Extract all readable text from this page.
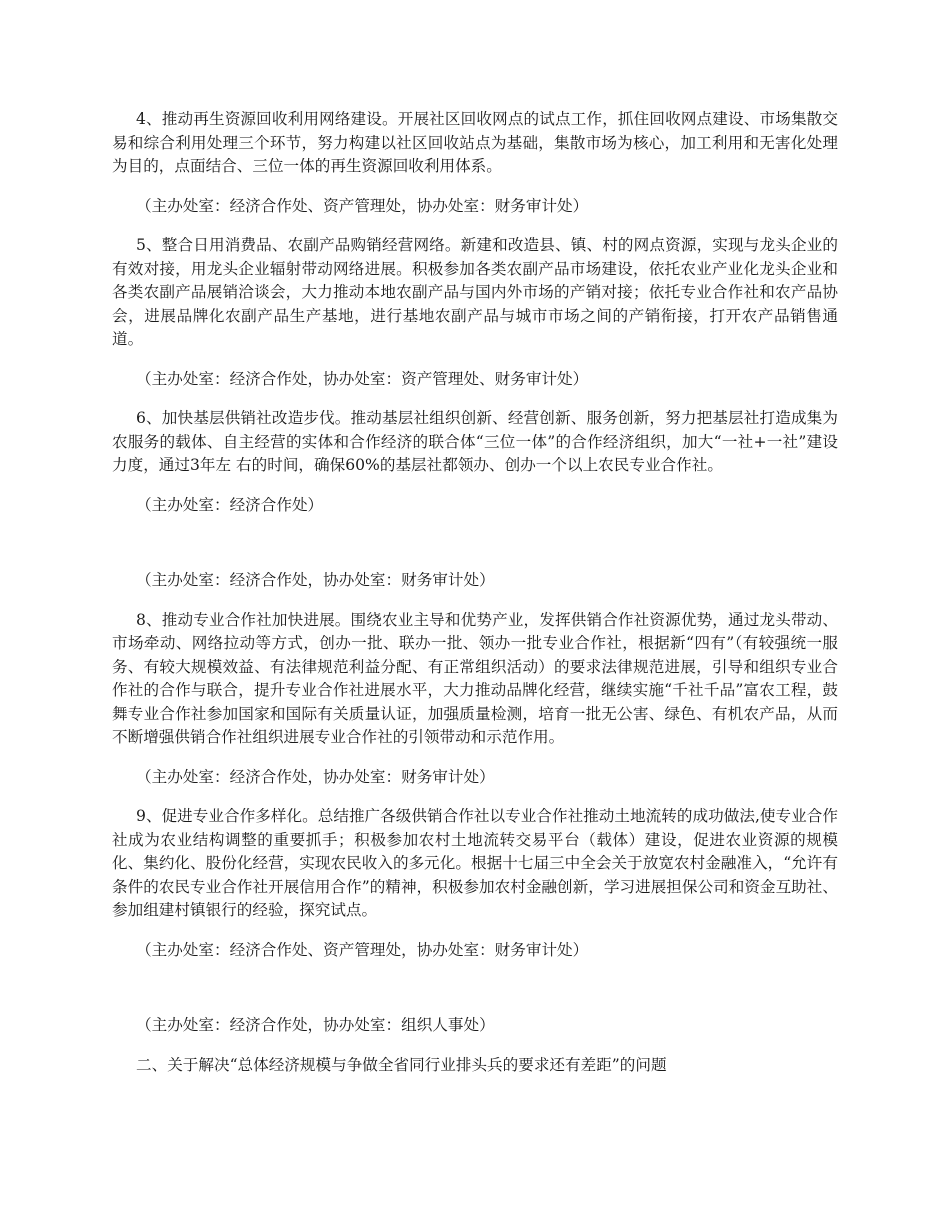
4、推动再生资源回收利用网络建设。开展社区回收网点的试点工作，抓住回收网点建设、市场集散交易和综合利用处理三个环节，努力构建以社区回收站点为基础，集散市场为核心，加工利用和无害化处理为目的，点面结合、三位一体的再生资源回收利用体系。

（主办处室：经济合作处、资产管理处，协办处室：财务审计处）

5、整合日用消费品、农副产品购销经营网络。新建和改造县、镇、村的网点资源，实现与龙头企业的有效对接，用龙头企业辐射带动网络进展。积极参加各类农副产品市场建设，依托农业产业化龙头企业和各类农副产品展销洽谈会，大力推动本地农副产品与国内外市场的产销对接；依托专业合作社和农产品协会，进展品牌化农副产品生产基地，进行基地农副产品与城市市场之间的产销衔接，打开农产品销售通道。

（主办处室：经济合作处，协办处室：资产管理处、财务审计处）

6、加快基层供销社改造步伐。推动基层社组织创新、经营创新、服务创新，努力把基层社打造成集为农服务的载体、自主经营的实体和合作经济的联合体“三位一体”的合作经济组织，加大“一社+一社”建设力度，通过3年左 右的时间，确保60%的基层社都领办、创办一个以上农民专业合作社。

（主办处室：经济合作处）

（主办处室：经济合作处，协办处室：财务审计处）

8、推动专业合作社加快进展。围绕农业主导和优势产业，发挥供销合作社资源优势，通过龙头带动、市场牵动、网络拉动等方式，创办一批、联办一批、领办一批专业合作社，根据新“四有”（有较强统一服务、有较大规模效益、有法律规范利益分配、有正常组织活动）的要求法律规范进展，引导和组织专业合作社的合作与联合，提升专业合作社进展水平，大力推动品牌化经营，继续实施“千社千品”富农工程，鼓舞专业合作社参加国家和国际有关质量认证，加强质量检测，培育一批无公害、绿色、有机农产品，从而不断增强供销合作社组织进展专业合作社的引领带动和示范作用。

（主办处室：经济合作处，协办处室：财务审计处）

9、促进专业合作多样化。总结推广各级供销合作社以专业合作社推动土地流转的成功做法,使专业合作社成为农业结构调整的重要抓手；积极参加农村土地流转交易平台（载体）建设，促进农业资源的规模化、集约化、股份化经营，实现农民收入的多元化。根据十七届三中全会关于放宽农村金融准入，“允许有条件的农民专业合作社开展信用合作”的精神，积极参加农村金融创新，学习进展担保公司和资金互助社、参加组建村镇银行的经验，探究试点。

（主办处室：经济合作处、资产管理处，协办处室：财务审计处）

（主办处室：经济合作处，协办处室：组织人事处）

二、关于解决“总体经济规模与争做全省同行业排头兵的要求还有差距”的问题
